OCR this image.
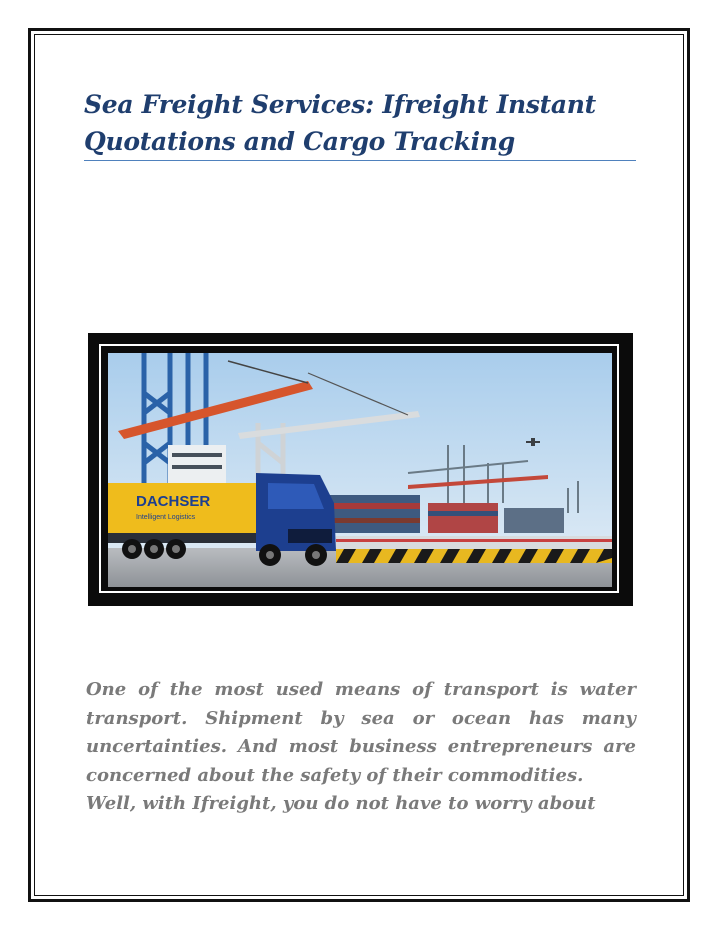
Sea Freight Services: Ifreight Instant Quotations and Cargo Tracking
DACHSER
Intelligent Logistics

One of the most used means of transport is water transport. Shipment by sea or ocean has many uncertainties. And most business entrepreneurs are concerned about the safety of their commodities.
Well, with Ifreight, you do not have to worry about
